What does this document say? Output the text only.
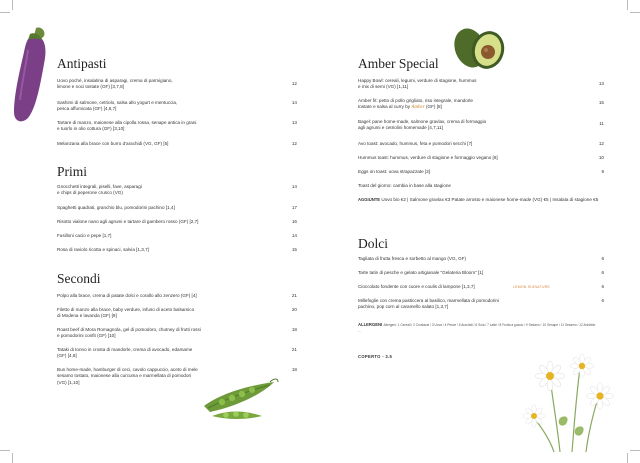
Antipasti
Uovo poché, insalatina di asparagi, crema di parmigiano,
limone e noci tostate (GF) [3,7,8]
12
Sashimi di salmone, cetriolo, salsa allo yogurt e mentuccia,
pesca affumicata (GF) [4,6,7]
14
Tartare di manzo, maionese alla cipolla rossa, senape antica in grani
e tuorlo in olio cottura (GF) [3,10]
13
Melanzana alla brace con burro d'arachidi (VG, GF) [5]	12
Primi
Gnocchetti integrali, piselli, fave, asparagi
e chips di peperone crusco (VG)
14
Spaghetti quadrati, granchio blu, pomodorini pachino [1,4]	17
Risotto vialone nano agli agrumi e tartare di gambero rosso (GF) [2,7]	16
Fusilloni cacio e pepe [1,7]	14
Rosa di raviolo ricotta e spinaci, salvia [1,3,7]	15
Secondi
Polpo alla brace, crema di patate dolci e corallo allo zenzero (GF) [4]	21
Filetto di manzo alla brace, baby verdure, infuso di aceto balsamico
di Modena e lavanda (GF) [9]
20
Roast beef di Mora Romagnola, gel di pomodoro, chutney di frutti rossi
e pomodorini confit (GF) [10]
18
Tataki di tonno in crosta di mandorle, crema di avocado, edamame
(GF) [4,8]
21
Bun home-made, hamburger di ceci, cavolo cappuccio, aceto di mele
sesamo tostato, maionese alla curcuma e marmellata di pomodori
(VG) [1,10]
18
Amber Special
Happy Bowl: cereali, legumi, verdure di stagione, hummus
e mix di semi (VG) [1,11]
13
Amber fit: petto di pollo grigliato, riso integrale, mandorle
tostate e salsa al curry by Amber (GF) [8]
15
Bagel: pane home-made, salmone gravlax, crema di formaggio
agli agrumi e cetriolini homemade [4,7,11]
11
Avo toast: avocado, hummus, feta e pomodori secchi [7]	12
Hummus toast: hummus, verdure di stagione e formaggio vegano [8]	10
Eggs on toast: uova strapazzate [3]	9
Toast del giorno: cambia in base alla stagione
AGGIUNTE Uovo bio €2 | Salmone gravlax €3 Patate arrosto e maionese home-made (VG) €5 | Insalata di stagione €5
Dolci
Tagliata di frutta fresca e sorbetto al mango (VG, GF)	6
Tarte tatin di pesche e gelato artigianale "Gelateria Bloom" [1]	6
Cioccolato fondente con cuore e coulis di lampone [1,3,7]	LEMON SIGNATURE	6
Millefoglie con crema pasticcera al basilico, marmellata di pomodorini
pachino, pop corn al caramello salato [1,3,7]
6
ALLERGENI Allergeni: 1 Cereali / 2 Crostacei / 3 Uova / 4 Pesce / 5 Arachidi / 6 Soia / 7 Latte / 8 Frutta a guscio / 9 Sedano / 10 Senape / 11 Sesamo / 12 Anidride ...
COPERTO - 3.5
